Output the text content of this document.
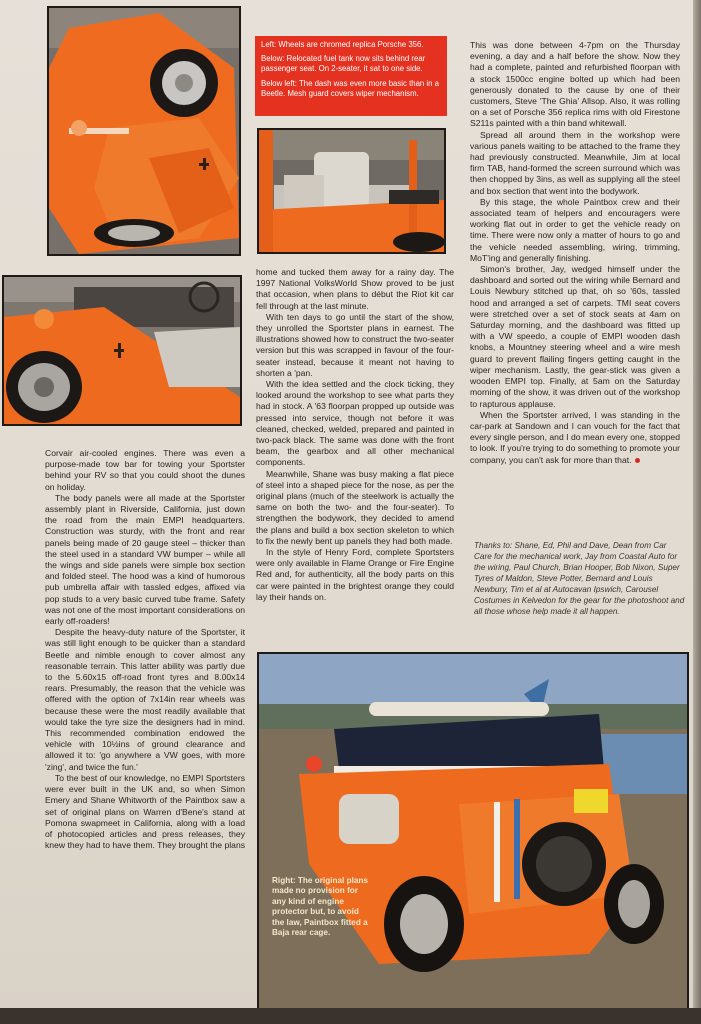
Left: Wheels are chromed replica Porsche 356.

Below: Relocated fuel tank now sits behind rear passenger seat. On 2-seater, it sat to one side.

Below left: The dash was even more basic than in a Beetle. Mesh guard covers wiper mechanism.

Corvair air-cooled engines. There was even a purpose-made tow bar for towing your Sportster behind your RV so that you could shoot the dunes on holiday.

The body panels were all made at the Sportster assembly plant in Riverside, California, just down the road from the main EMPI headquarters. Construction was sturdy, with the front and rear panels being made of 20 gauge steel – thicker than the steel used in a standard VW bumper – while all the wings and side panels were simple box section and folded steel. The hood was a kind of humorous pub umbrella affair with tassled edges, affixed via pop studs to a very basic curved tube frame. Safety was not one of the most important considerations on early off-roaders!

Despite the heavy-duty nature of the Sportster, it was still light enough to be quicker than a standard Beetle and nimble enough to cover almost any reasonable terrain. This latter ability was partly due to the 5.60x15 off-road front tyres and 8.00x14 rears. Presumably, the reason that the vehicle was offered with the option of 7x14in rear wheels was because these were the most readily available that would take the tyre size the designers had in mind. This recommended combination endowed the vehicle with 10½ins of ground clearance and allowed it to: 'go anywhere a VW goes, with more 'zing', and twice the fun.'

To the best of our knowledge, no EMPI Sportsters were ever built in the UK and, so when Simon Emery and Shane Whitworth of the Paintbox saw a set of original plans on Warren d'Bene's stand at Pomona swapmeet in California, along with a load of photocopied articles and press releases, they knew they had to have them. They brought the plans

home and tucked them away for a rainy day. The 1997 National VolksWorld Show proved to be just that occasion, when plans to début the Riot kit car fell through at the last minute.

With ten days to go until the start of the show, they unrolled the Sportster plans in earnest. The illustrations showed how to construct the two-seater version but this was scrapped in favour of the four-seater instead, because it meant not having to shorten a 'pan.

With the idea settled and the clock ticking, they looked around the workshop to see what parts they had in stock. A '63 floorpan propped up outside was pressed into service, though not before it was cleaned, checked, welded, prepared and painted in two-pack black. The same was done with the front beam, the gearbox and all other mechanical components.

Meanwhile, Shane was busy making a flat piece of steel into a shaped piece for the nose, as per the original plans (much of the steelwork is actually the same on both the two- and the four-seater). To strengthen the bodywork, they decided to amend the plans and build a box section skeleton to which to fix the newly bent up panels they had both made.

In the style of Henry Ford, complete Sportsters were only available in Flame Orange or Fire Engine Red and, for authenticity, all the body parts on this car were painted in the brightest orange they could lay their hands on.

This was done between 4-7pm on the Thursday evening, a day and a half before the show. Now they had a complete, painted and refurbished floorpan with a stock 1500cc engine bolted up which had been generously donated to the cause by one of their customers, Steve 'The Ghia' Allsop. Also, it was rolling on a set of Porsche 356 replica rims with old Firestone S211s painted with a thin band whitewall.

Spread all around them in the workshop were various panels waiting to be attached to the frame they had previously constructed. Meanwhile, Jim at local firm TAB, hand-formed the screen surround which was then chopped by 3ins, as well as supplying all the steel and box section that went into the bodywork.

By this stage, the whole Paintbox crew and their associated team of helpers and encouragers were working flat out in order to get the vehicle ready on time. There were now only a matter of hours to go and the vehicle needed assembling, wiring, trimming, MoT'ing and generally finishing.

Simon's brother, Jay, wedged himself under the dashboard and sorted out the wiring while Bernard and Louis Newbury stitched up that, oh so '60s, tassled hood and arranged a set of carpets. TMI seat covers were stretched over a set of stock seats at 4am on Saturday morning, and the dashboard was fitted up with a VW speedo, a couple of EMPI wooden dash knobs, a Mountney steering wheel and a wire mesh guard to prevent flailing fingers getting caught in the wiper mechanism. Lastly, the gear-stick was given a wooden EMPI top. Finally, at 5am on the Saturday morning of the show, it was driven out of the workshop to rapturous applause.

When the Sportster arrived, I was standing in the car-park at Sandown and I can vouch for the fact that every single person, and I do mean every one, stopped to look. If you're trying to do something to promote your company, you can't ask for more than that.

Thanks to: Shane, Ed, Phil and Dave, Dean from Car Care for the mechanical work, Jay from Coastal Auto for the wiring, Paul Church, Brian Hooper, Bob Nixon, Super Tyres of Maldon, Steve Potter, Bernard and Louis Newbury, Tim et al at Autocavan Ipswich, Carousel Costumes in Kelvedon for the gear for the photoshoot and all those whose help made it all happen.
Right: The original plans made no provision for any kind of engine protector but, to avoid the law, Paintbox fitted a Baja rear cage.
